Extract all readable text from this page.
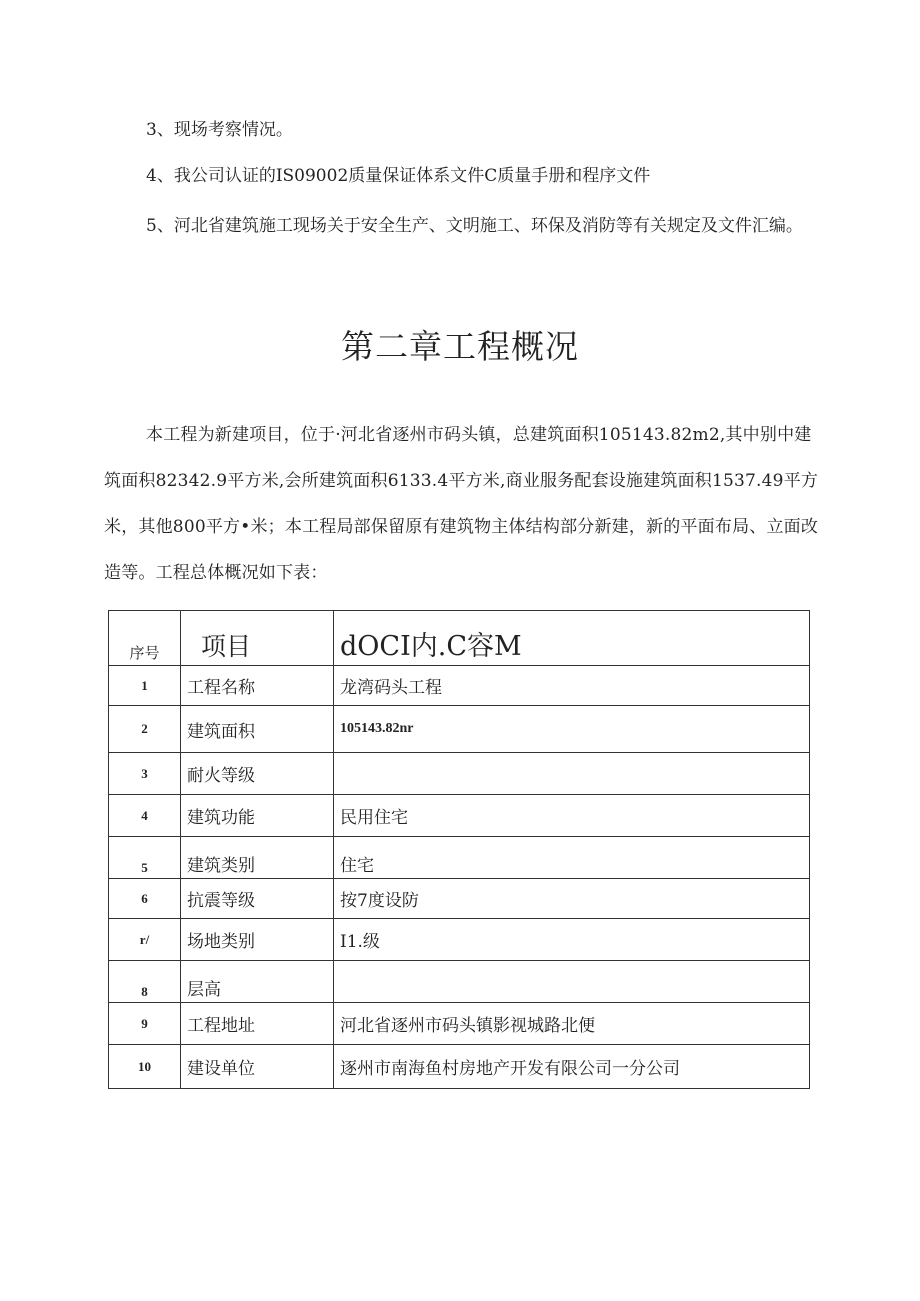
3、现场考察情况。

4、我公司认证的IS09002质量保证体系文件C质量手册和程序文件

5、河北省建筑施工现场关于安全生产、文明施工、环保及消防等有关规定及文件汇编。

第二章工程概况

本工程为新建项目，位于·河北省逐州市码头镇，总建筑面积105143.82m2,其中别中建筑面积82342.9平方米,会所建筑面积6133.4平方米,商业服务配套设施建筑面积1537.49平方米，其他800平方•米；本工程局部保留原有建筑物主体结构部分新建，新的平面布局、立面改造等。工程总体概况如下表：

序号	项目	dOCI内.C容M
1	工程名称	龙湾码头工程
2	建筑面积	105143.82nr
3	耐火等级	
4	建筑功能	民用住宅
5	建筑类别	住宅
6	抗震等级	按7度设防
r/	场地类别	I1.级
8	层高	
9	工程地址	河北省逐州市码头镇影视城路北便
10	建设单位	逐州市南海鱼村房地产开发有限公司一分公司
